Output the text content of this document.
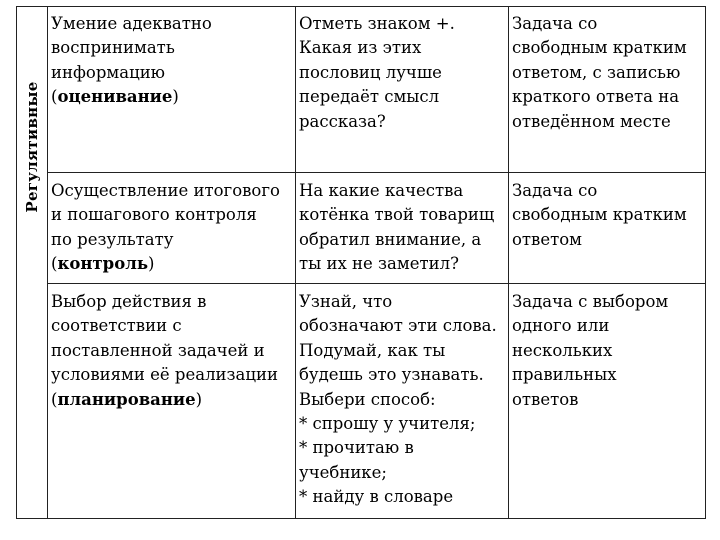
Регулятивные
Умение адекватно
воспринимать
информацию
(оценивание)
Отметь знаком +.
Какая из этих
пословиц лучше
передаёт смысл
рассказа?
Задача со
свободным кратким
ответом, с записью
краткого ответа на
отведённом месте
Осуществление итогового
и пошагового контроля
по результату
(контроль)
На какие качества
котёнка твой товарищ
обратил внимание, а
ты их не заметил?
Задача со
свободным кратким
ответом
Выбор действия в
соответствии с
поставленной задачей и
условиями её реализации
(планирование)
Узнай, что
обозначают эти слова.
Подумай, как ты
будешь это узнавать.
Выбери способ:
* спрошу у учителя;
* прочитаю в
учебнике;
* найду в словаре
Задача с выбором
одного или
нескольких
правильных
ответов
